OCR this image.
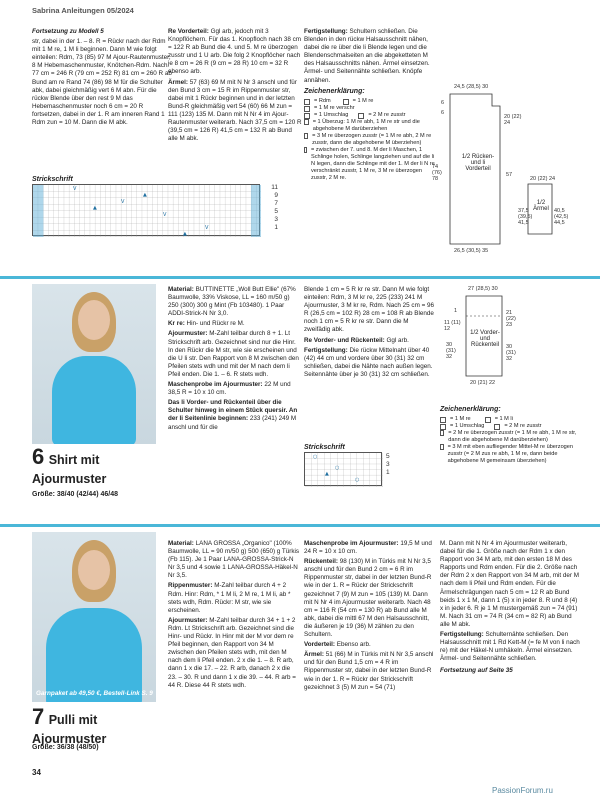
Sabrina Anleitungen 05/2024
Fortsetzung zu Modell 5
str, dabei in der 1. – 8. R = Rückr nach der Rdm mit 1 M re, 1 M li beginnen. Dann M wie folgt einteilen: Rdm, 73 (85) 97 M Ajour-Rautenmuster, 8 M Hebemaschenmuster, Knötchen-Rdm. Nach 77 cm = 246 R (79 cm = 252 R) 81 cm = 260 R ab Bund am re Rand 74 (86) 98 M für die Schulter abk, dabei gleichmäßig vert 6 M abn. Für die rückw Blende über den rest 9 M das Hebemaschenmuster noch 6 cm = 20 R fortsetzen, dabei in der 1. R am inneren Rand 1 Rdm zun = 10 M. Dann die M abk.
Strickschrift
V
V
V
V
▲
▲
▲
11
9
7
5
3
1
Re Vorderteil: Ggl arb, jedoch mit 3 Knopflöchern. Für das 1. Knopfloch nach 38 cm = 122 R ab Bund die 4. und 5. M re überzogen zusstr und 1 U arb. Die folg 2 Knopflöcher nach je 8 cm = 26 R (9 cm = 28 R) 10 cm = 32 R ebenso arb.
Ärmel: 57 (63) 69 M mit N Nr 3 anschl und für den Bund 3 cm = 15 R im Rippenmuster str, dabei mit 1 Rückr beginnen und in der letzten Bund-R gleichmäßig vert 54 (60) 66 M zun = 111 (123) 135 M. Dann mit N Nr 4 im Ajour-Rautenmuster weiterarb. Nach 37,5 cm = 120 R (39,5 cm = 126 R) 41,5 cm = 132 R ab Bund alle M abk.
Fertigstellung: Schultern schließen. Die Blenden in den rückw Halsausschnitt nähen, dabei die re über die li Blende legen und die Blendenschmalseiten an die abgeketteten M des Halsausschnitts nähen. Ärmel einsetzen. Ärmel- und Seitennähte schließen. Knöpfe annähen.
Zeichenerklärung:
= Rdm	= 1 M re
= 1 M re verschr
= 1 Umschlag	= 2 M re zusstr
= 1 Überzug: 1 M re abh, 1 M re str und die abgehobene M darüberziehen
= 3 M re überzogen zusstr (= 1 M re abh, 2 M re zusstr, dann die abgehobene M überziehen)
= zwischen der 7. und 8. M der li Maschen, 1 Schlinge holen, Schlinge langziehen und auf die li N legen, dann die Schlinge mit der 1. M der li N re verschränkt zusstr, 1 M re, 3 M re überzogen zusstr, 2 M re.
24,5 (28,5) 30
6
6
20 (22) 24
57
74 (76) 78
26,5 (30,5) 35
20 (22) 24
37,5 (39,5) 41,5
40,5 (42,5) 44,5
1/2 Rücken- und li Vorderteil
1/2 Ärmel
6 Shirt mit Ajourmuster
Größe: 38/40 (42/44) 46/48
Material: BUTTINETTE „Woll Butt Ellie" (67% Baumwolle, 33% Viskose, LL = 160 m/50 g) 250 (300) 300 g Mint (Fb 103480). 1 Paar ADDI-Strick-N Nr 3,0.
Kr re: Hin- und Rückr re M.
Ajourmuster: M-Zahl teilbar durch 8 + 1. Lt Strickschrift arb. Gezeichnet sind nur die Hinr. In den Rückr die M str, wie sie erscheinen und die U li str. Den Rapport von 8 M zwischen den Pfeilen stets wdh und mit der M nach dem li Pfeil enden. Die 1. – 6. R stets wdh.
Maschenprobe im Ajourmuster: 22 M und 38,5 R = 10 x 10 cm.
Das li Vorder- und Rückenteil über die Schulter hinweg in einem Stück quersir. An der li Seitenlinie beginnen: 233 (241) 249 M anschl und für die
Blende 1 cm = 5 R kr re str. Dann M wie folgt einteilen: Rdm, 3 M kr re, 225 (233) 241 M Ajourmuster, 3 M kr re, Rdm. Nach 25 cm = 96 R (26,5 cm = 102 R) 28 cm = 108 R ab Blende noch 1 cm = 5 R kr re str. Dann die M zweifädig abk.
Re Vorder- und Rückenteil: Ggl arb.
Fertigstellung: Die rückw Mittelnaht über 40 (42) 44 cm und vordere über 30 (31) 32 cm schließen, dabei die Nähte nach außen legen. Seitennähte über je 30 (31) 32 cm schließen.
Strickschrift
○
○
○
▲
5
3
1
27 (28,5) 30
11 (11) 12
1	21 (22) 23
30 (31) 32
30 (31) 32
20 (21) 22
1/2 Vorder- und Rückenteil
Zeichenerklärung:
= 1 M re	= 1 M li
= 1 Umschlag	= 2 M re zusstr
= 2 M re überzogen zusstr (= 1 M re abh, 1 M re str, dann die abgehobene M darüberziehen)
= 3 M mit eben aufliegender Mittel-M re überzogen zusstr (= 2 M zus re abh, 1 M re, dann beide abgehobene M gemeinsam überziehen)
Garnpaket ab 49,50 €, Bestell-Link S. 9
7 Pulli mit Ajourmuster
Größe: 36/38 (48/50)
Material: LANA GROSSA „Organico" (100% Baumwolle, LL = 90 m/50 g) 500 (650) g Türkis (Fb 115). Je 1 Paar LANA-GROSSA-Strick-N Nr 3,5 und 4 sowie 1 LANA-GROSSA-Häkel-N Nr 3,5.
Rippenmuster: M-Zahl teilbar durch 4 + 2 Rdm. Hinr: Rdm, * 1 M li, 2 M re, 1 M li, ab * stets wdh, Rdm. Rückr: M str, wie sie erscheinen.
Ajourmuster: M-Zahl teilbar durch 34 + 1 + 2 Rdm. Lt Strickschrift arb. Gezeichnet sind die Hinr- und Rückr. In Hinr mit der M vor dem re Pfeil beginnen, den Rapport von 34 M zwischen den Pfeilen stets wdh, mit den M nach dem li Pfeil enden. 2 x die 1. – 8. R arb, dann 1 x die 17. – 22. R arb, danach 2 x die 23. – 30. R und dann 1 x die 39. – 44. R arb = 44 R. Diese 44 R stets wdh.
Maschenprobe im Ajourmuster: 19,5 M und 24 R = 10 x 10 cm.
Rückenteil: 98 (130) M in Türkis mit N Nr 3,5 anschl und für den Bund 2 cm = 6 R im Rippenmuster str, dabei in der letzten Bund-R wie in der 1. R = Rückr der Strickschrift gezeichnet 7 (9) M zun = 105 (139) M. Dann mit N Nr 4 im Ajourmuster weiterarb. Nach 48 cm = 116 R (54 cm = 130 R) ab Bund alle M abk, dabei die mittl 67 M den Halsausschnitt, die äußeren je 19 (36) M zählen zu den Schultern.
Vorderteil: Ebenso arb.
Ärmel: 51 (66) M in Türkis mit N Nr 3,5 anschl und für den Bund 1,5 cm = 4 R im Rippenmuster str, dabei in der letzten Bund-R wie in der 1. R = Rückr der Strickschrift gezeichnet 3 (5) M zun = 54 (71)
M. Dann mit N Nr 4 im Ajourmuster weiterarb, dabei für die 1. Größe nach der Rdm 1 x den Rapport von 34 M arb, mit den ersten 18 M des Rapports und Rdm enden. Für die 2. Größe nach der Rdm 2 x den Rapport von 34 M arb, mit der M nach dem li Pfeil und Rdm enden. Für die Ärmelschrägungen nach 5 cm = 12 R ab Bund beids 1 x 1 M, dann 1 (5) x in jeder 8. R und 8 (4) x in jeder 6. R je 1 M mustergemäß zun = 74 (91) M. Nach 31 cm = 74 R (34 cm = 82 R) ab Bund alle M abk.
Fertigstellung: Schulternähte schließen. Den Halsausschnitt mit 1 Rd Kett-M (= fe M von li nach re) mit der Häkel-N umhäkeln. Ärmel einsetzen. Ärmel- und Seitennähte schließen.
Fortsetzung auf Seite 35
34
PassionForum.ru
